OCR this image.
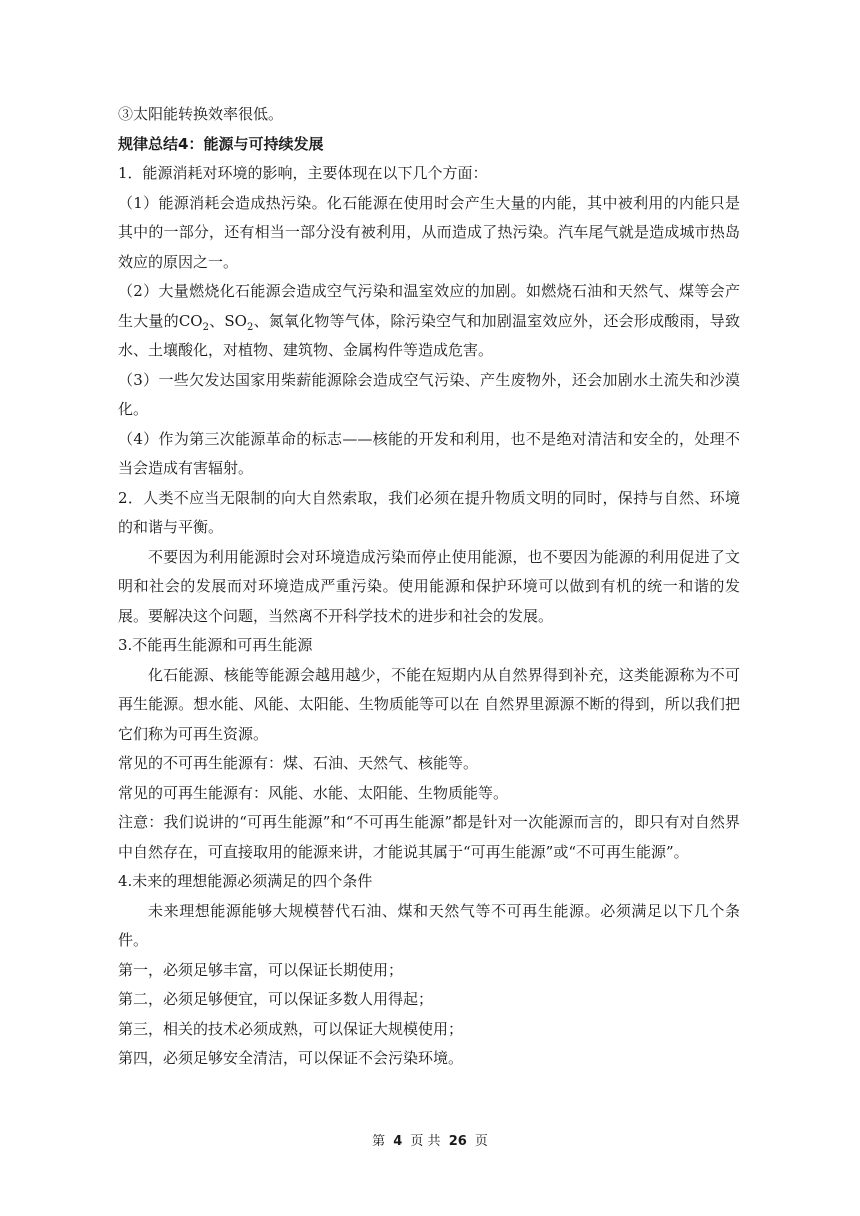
③太阳能转换效率很低。

规律总结4：能源与可持续发展

1．能源消耗对环境的影响，主要体现在以下几个方面：

（1）能源消耗会造成热污染。化石能源在使用时会产生大量的内能，其中被利用的内能只是其中的一部分，还有相当一部分没有被利用，从而造成了热污染。汽车尾气就是造成城市热岛效应的原因之一。

（2）大量燃烧化石能源会造成空气污染和温室效应的加剧。如燃烧石油和天然气、煤等会产生大量的$CO_2$、$SO_2$、氮氧化物等气体，除污染空气和加剧温室效应外，还会形成酸雨，导致水、土壤酸化，对植物、建筑物、金属构件等造成危害。

（3）一些欠发达国家用柴薪能源除会造成空气污染、产生废物外，还会加剧水土流失和沙漠化。

（4）作为第三次能源革命的标志——核能的开发和利用，也不是绝对清洁和安全的，处理不当会造成有害辐射。

2．人类不应当无限制的向大自然索取，我们必须在提升物质文明的同时，保持与自然、环境的和谐与平衡。

不要因为利用能源时会对环境造成污染而停止使用能源，也不要因为能源的利用促进了文明和社会的发展而对环境造成严重污染。使用能源和保护环境可以做到有机的统一和谐的发展。要解决这个问题，当然离不开科学技术的进步和社会的发展。

3.不能再生能源和可再生能源

化石能源、核能等能源会越用越少，不能在短期内从自然界得到补充，这类能源称为不可再生能源。想水能、风能、太阳能、生物质能等可以在 自然界里源源不断的得到，所以我们把它们称为可再生资源。

常见的不可再生能源有：煤、石油、天然气、核能等。

常见的可再生能源有：风能、水能、太阳能、生物质能等。

注意：我们说讲的“可再生能源”和“不可再生能源”都是针对一次能源而言的，即只有对自然界中自然存在，可直接取用的能源来讲，才能说其属于“可再生能源”或“不可再生能源”。

4.未来的理想能源必须满足的四个条件

未来理想能源能够大规模替代石油、煤和天然气等不可再生能源。必须满足以下几个条件。

第一，必须足够丰富，可以保证长期使用；

第二，必须足够便宜，可以保证多数人用得起；

第三，相关的技术必须成熟，可以保证大规模使用；

第四，必须足够安全清洁，可以保证不会污染环境。

第 4 页 共 26 页
